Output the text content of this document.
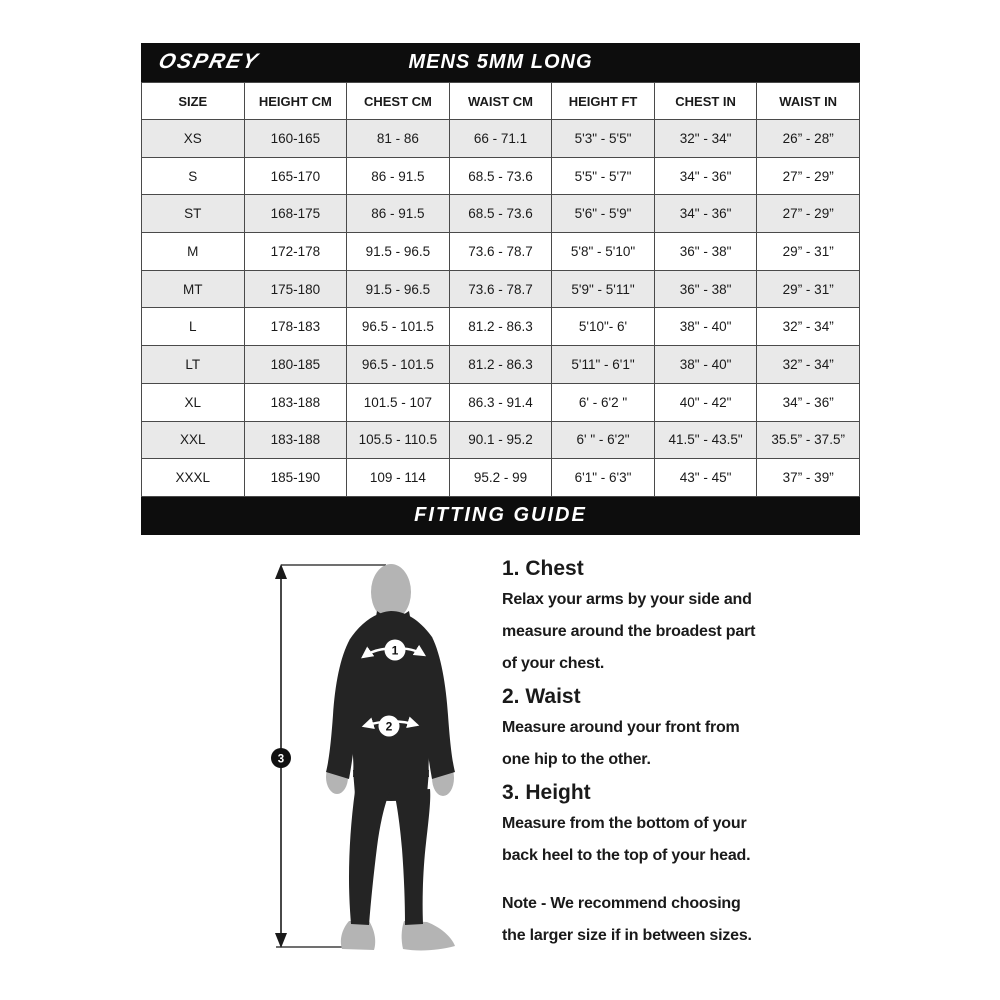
OSPREY	MENS 5MM LONG
SIZE	HEIGHT CM	CHEST CM	WAIST CM	HEIGHT FT	CHEST IN	WAIST IN
XS	160-165	81 - 86	66 - 71.1	5'3" - 5'5"	32" - 34"	26” - 28”
S	165-170	86 - 91.5	68.5 - 73.6	5'5" - 5'7"	34" - 36"	27” - 29”
ST	168-175	86 - 91.5	68.5 - 73.6	5'6" - 5'9"	34" - 36"	27” - 29”
M	172-178	91.5 - 96.5	73.6 - 78.7	5'8" - 5'10"	36" - 38"	29” - 31”
MT	175-180	91.5 - 96.5	73.6 - 78.7	5'9" - 5'11"	36" - 38"	29” - 31”
L	178-183	96.5 - 101.5	81.2 - 86.3	5'10"- 6'	38" - 40"	32” - 34”
LT	180-185	96.5 - 101.5	81.2 - 86.3	5'11" - 6'1"	38" - 40"	32” - 34”
XL	183-188	101.5 - 107	86.3 - 91.4	6' - 6'2 "	40" - 42"	34” - 36”
XXL	183-188	105.5 - 110.5	90.1 - 95.2	6' " - 6'2"	41.5" - 43.5"	35.5” - 37.5”
XXXL	185-190	109 - 114	95.2 - 99	6'1" - 6'3"	43" - 45"	37” - 39”
FITTING GUIDE
1
2
3
1. Chest
Relax your arms by your side and
measure around the broadest part
of your chest.
2. Waist
Measure around your front from
one hip to the other.
3. Height
Measure from the bottom of your
back heel to the top of your head.
Note - We recommend choosing
the larger size if in between sizes.
